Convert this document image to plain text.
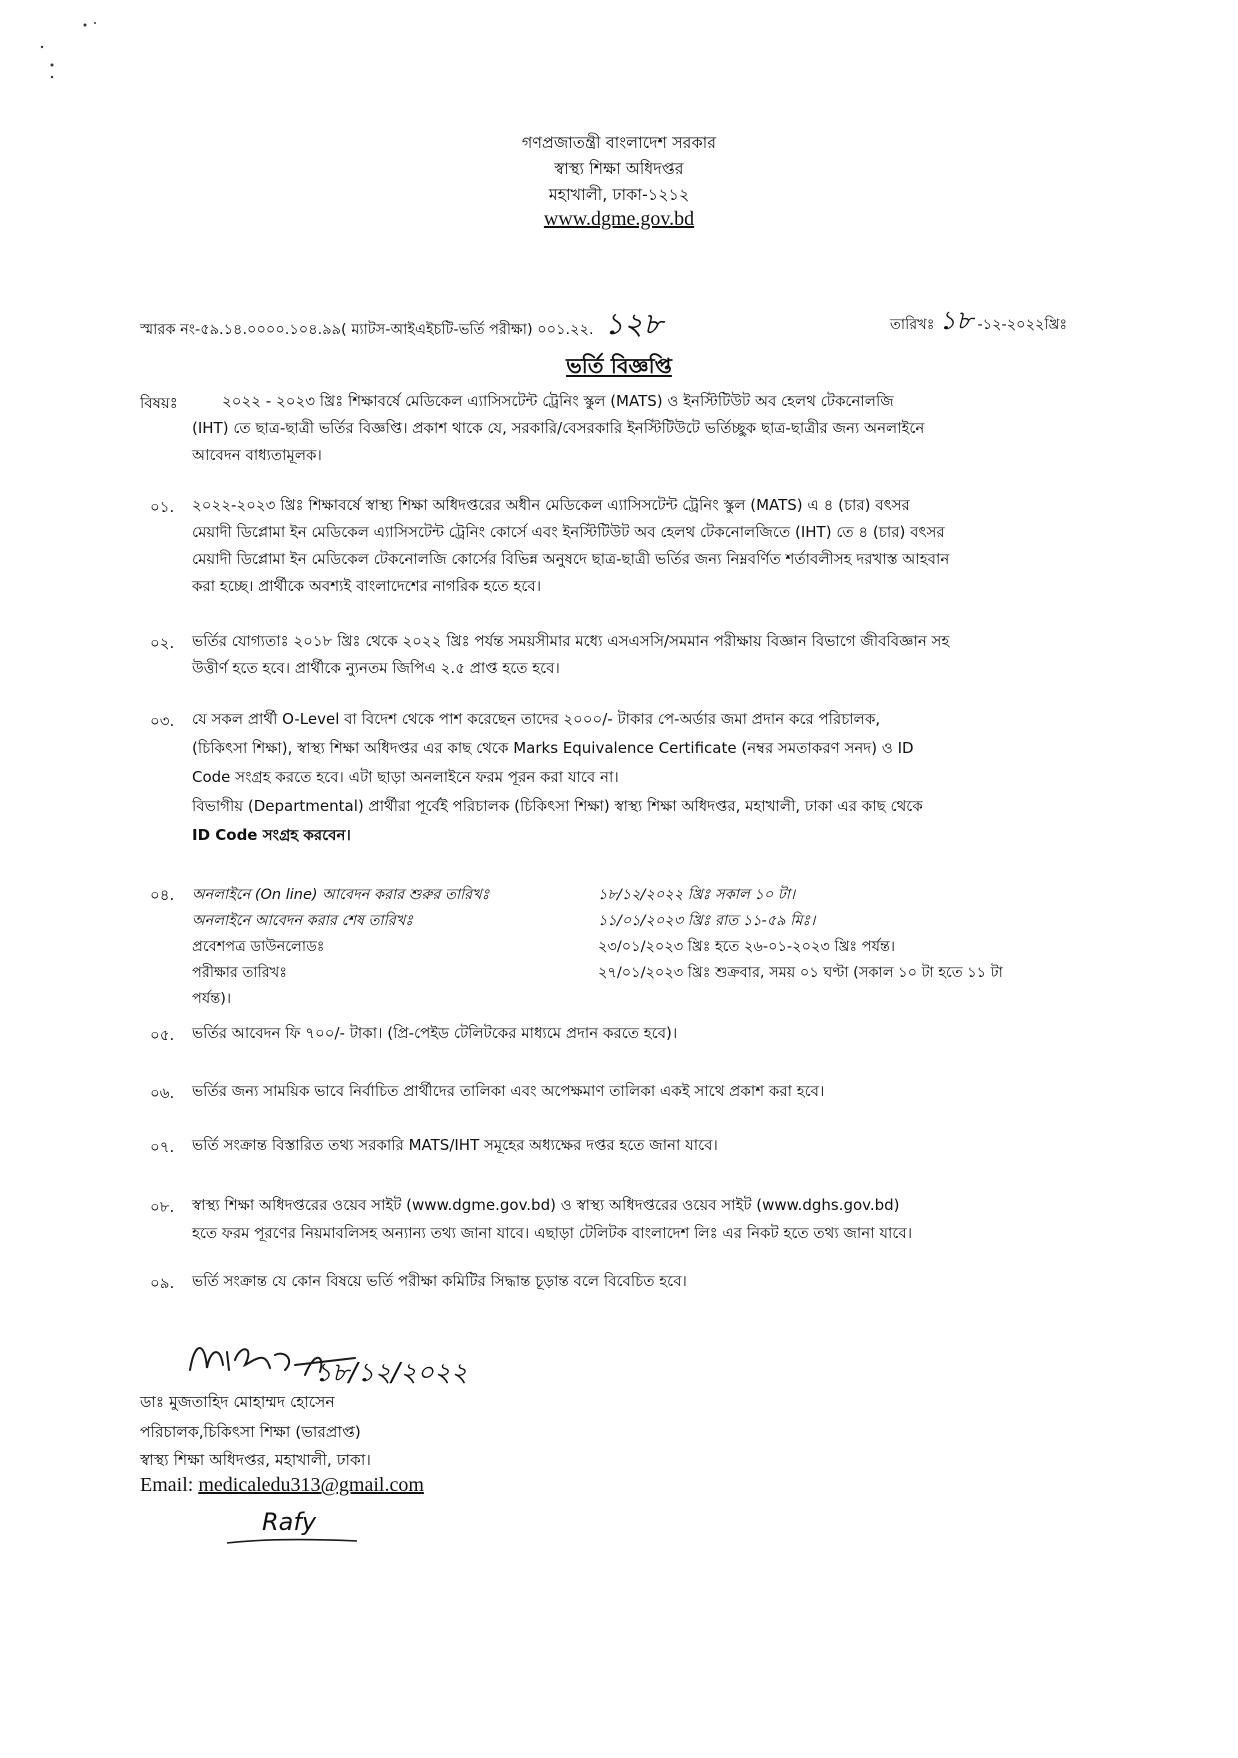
গণপ্রজাতন্ত্রী বাংলাদেশ সরকার
স্বাস্থ্য শিক্ষা অধিদপ্তর
মহাখালী, ঢাকা-১২১২
www.dgme.gov.bd
স্মারক নং-৫৯.১৪.০০০০.১০৪.৯৯( ম্যাটস-আইএইচটি-ভর্তি পরীক্ষা) ০০১.২২. ১২৮	তারিখঃ ১৮ -১২-২০২২খ্রিঃ
ভর্তি বিজ্ঞপ্তি
বিষয়ঃ	২০২২ - ২০২৩ খ্রিঃ শিক্ষাবর্ষে মেডিকেল এ্যাসিসটেন্ট ট্রেনিং স্কুল (MATS) ও ইনস্টিটিউট অব হেলথ টেকনোলজি
(IHT) তে ছাত্র-ছাত্রী ভর্তির বিজ্ঞপ্তি। প্রকাশ থাকে যে, সরকারি/বেসরকারি ইনস্টিটিউটে ভর্তিচ্ছুক ছাত্র-ছাত্রীর জন্য অনলাইনে
আবেদন বাধ্যতামূলক।
০১. ২০২২-২০২৩ খ্রিঃ শিক্ষাবর্ষে স্বাস্থ্য শিক্ষা অধিদপ্তরের অধীন মেডিকেল এ্যাসিসটেন্ট ট্রেনিং স্কুল (MATS) এ ৪ (চার) বৎসর
মেয়াদী ডিপ্লোমা ইন মেডিকেল এ্যাসিসটেন্ট ট্রেনিং কোর্সে এবং ইনস্টিটিউট অব হেলথ টেকনোলজিতে (IHT) তে ৪ (চার) বৎসর
মেয়াদী ডিপ্লোমা ইন মেডিকেল টেকনোলজি কোর্সের বিভিন্ন অনুষদে ছাত্র-ছাত্রী ভর্তির জন্য নিম্নবর্ণিত শর্তাবলীসহ দরখাস্ত আহবান
করা হচ্ছে। প্রার্থীকে অবশ্যই বাংলাদেশের নাগরিক হতে হবে।
০২. ভর্তির যোগ্যতাঃ ২০১৮ খ্রিঃ থেকে ২০২২ খ্রিঃ পর্যন্ত সময়সীমার মধ্যে এসএসসি/সমমান পরীক্ষায় বিজ্ঞান বিভাগে জীববিজ্ঞান সহ
উত্তীর্ণ হতে হবে। প্রার্থীকে ন্যুনতম জিপিএ ২.৫ প্রাপ্ত হতে হবে।
০৩. যে সকল প্রার্থী O-Level বা বিদেশ থেকে পাশ করেছেন তাদের ২০০০/- টাকার পে-অর্ডার জমা প্রদান করে পরিচালক,
(চিকিৎসা শিক্ষা), স্বাস্থ্য শিক্ষা অধিদপ্তর এর কাছ থেকে Marks Equivalence Certificate (নম্বর সমতাকরণ সনদ) ও ID
Code সংগ্রহ করতে হবে। এটা ছাড়া অনলাইনে ফরম পূরন করা যাবে না।
বিভাগীয় (Departmental) প্রার্থীরা পূর্বেই পরিচালক (চিকিৎসা শিক্ষা) স্বাস্থ্য শিক্ষা অধিদপ্তর, মহাখালী, ঢাকা এর কাছ থেকে
ID Code সংগ্রহ করবেন।
০৪. অনলাইনে (On line) আবেদন করার শুরুর তারিখঃ	১৮/১২/২০২২ খ্রিঃ সকাল ১০ টা।
অনলাইনে আবেদন করার শেষ তারিখঃ	১১/০১/২০২৩ খ্রিঃ রাত ১১-৫৯ মিঃ।
প্রবেশপত্র ডাউনলোডঃ	২৩/০১/২০২৩ খ্রিঃ হতে ২৬-০১-২০২৩ খ্রিঃ পর্যন্ত।
পরীক্ষার তারিখঃ	২৭/০১/২০২৩ খ্রিঃ শুক্রবার, সময় ০১ ঘণ্টা (সকাল ১০ টা হতে ১১ টা
পর্যন্ত)।
০৫. ভর্তির আবেদন ফি ৭০০/- টাকা। (প্রি-পেইড টেলিটকের মাধ্যমে প্রদান করতে হবে)।
০৬. ভর্তির জন্য সাময়িক ভাবে নির্বাচিত প্রার্থীদের তালিকা এবং অপেক্ষমাণ তালিকা একই সাথে প্রকাশ করা হবে।
০৭. ভর্তি সংক্রান্ত বিস্তারিত তথ্য সরকারি MATS/IHT সমূহের অধ্যক্ষের দপ্তর হতে জানা যাবে।
০৮. স্বাস্থ্য শিক্ষা অধিদপ্তরের ওয়েব সাইট (www.dgme.gov.bd) ও স্বাস্থ্য অধিদপ্তরের ওয়েব সাইট (www.dghs.gov.bd)
হতে ফরম পূরণের নিয়মাবলিসহ অন্যান্য তথ্য জানা যাবে। এছাড়া টেলিটক বাংলাদেশ লিঃ এর নিকট হতে তথ্য জানা যাবে।
০৯. ভর্তি সংক্রান্ত যে কোন বিষয়ে ভর্তি পরীক্ষা কমিটির সিদ্ধান্ত চূড়ান্ত বলে বিবেচিত হবে।
১৮/১২/২০২২
ডাঃ মুজতাহিদ মোহাম্মদ হোসেন
পরিচালক,চিকিৎসা শিক্ষা (ভারপ্রাপ্ত)
স্বাস্থ্য শিক্ষা অধিদপ্তর, মহাখালী, ঢাকা।
Email: medicaledu313@gmail.com
Rafy
